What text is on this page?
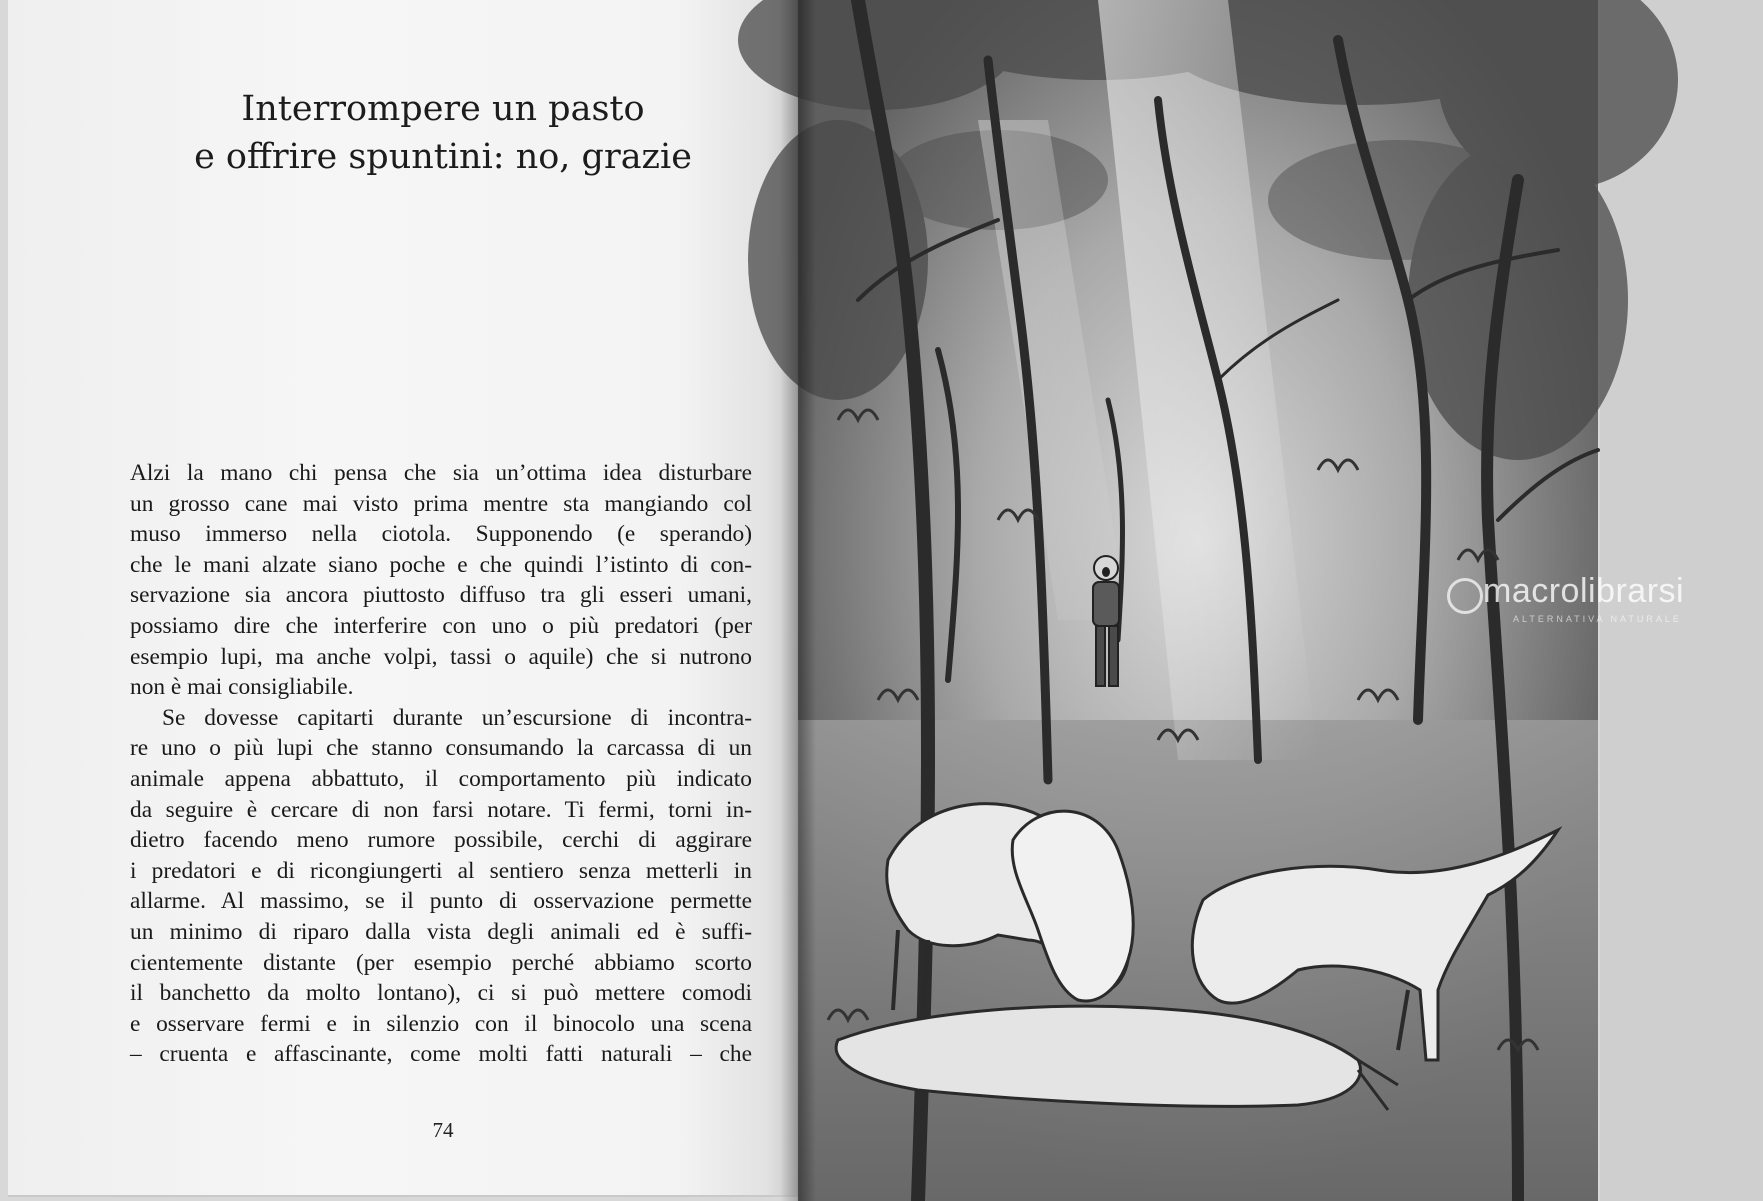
Interrompere un pasto
e offrire spuntini: no, grazie
Alzi la mano chi pensa che sia un’ottima idea disturbare
un grosso cane mai visto prima mentre sta mangiando col
muso immerso nella ciotola. Supponendo (e sperando)
che le mani alzate siano poche e che quindi l’istinto di con-
servazione sia ancora piuttosto diffuso tra gli esseri umani,
possiamo dire che interferire con uno o più predatori (per
esempio lupi, ma anche volpi, tassi o aquile) che si nutrono
non è mai consigliabile.
Se dovesse capitarti durante un’escursione di incontra-
re uno o più lupi che stanno consumando la carcassa di un
animale appena abbattuto, il comportamento più indicato
da seguire è cercare di non farsi notare. Ti fermi, torni in-
dietro facendo meno rumore possibile, cerchi di aggirare
i predatori e di ricongiungerti al sentiero senza metterli in
allarme. Al massimo, se il punto di osservazione permette
un minimo di riparo dalla vista degli animali ed è suffi-
cientemente distante (per esempio perché abbiamo scorto
il banchetto da molto lontano), ci si può mettere comodi
e osservare fermi e in silenzio con il binocolo una scena
– cruenta e affascinante, come molti fatti naturali – che
74
macrolibrarsi
ALTERNATIVA NATURALE
